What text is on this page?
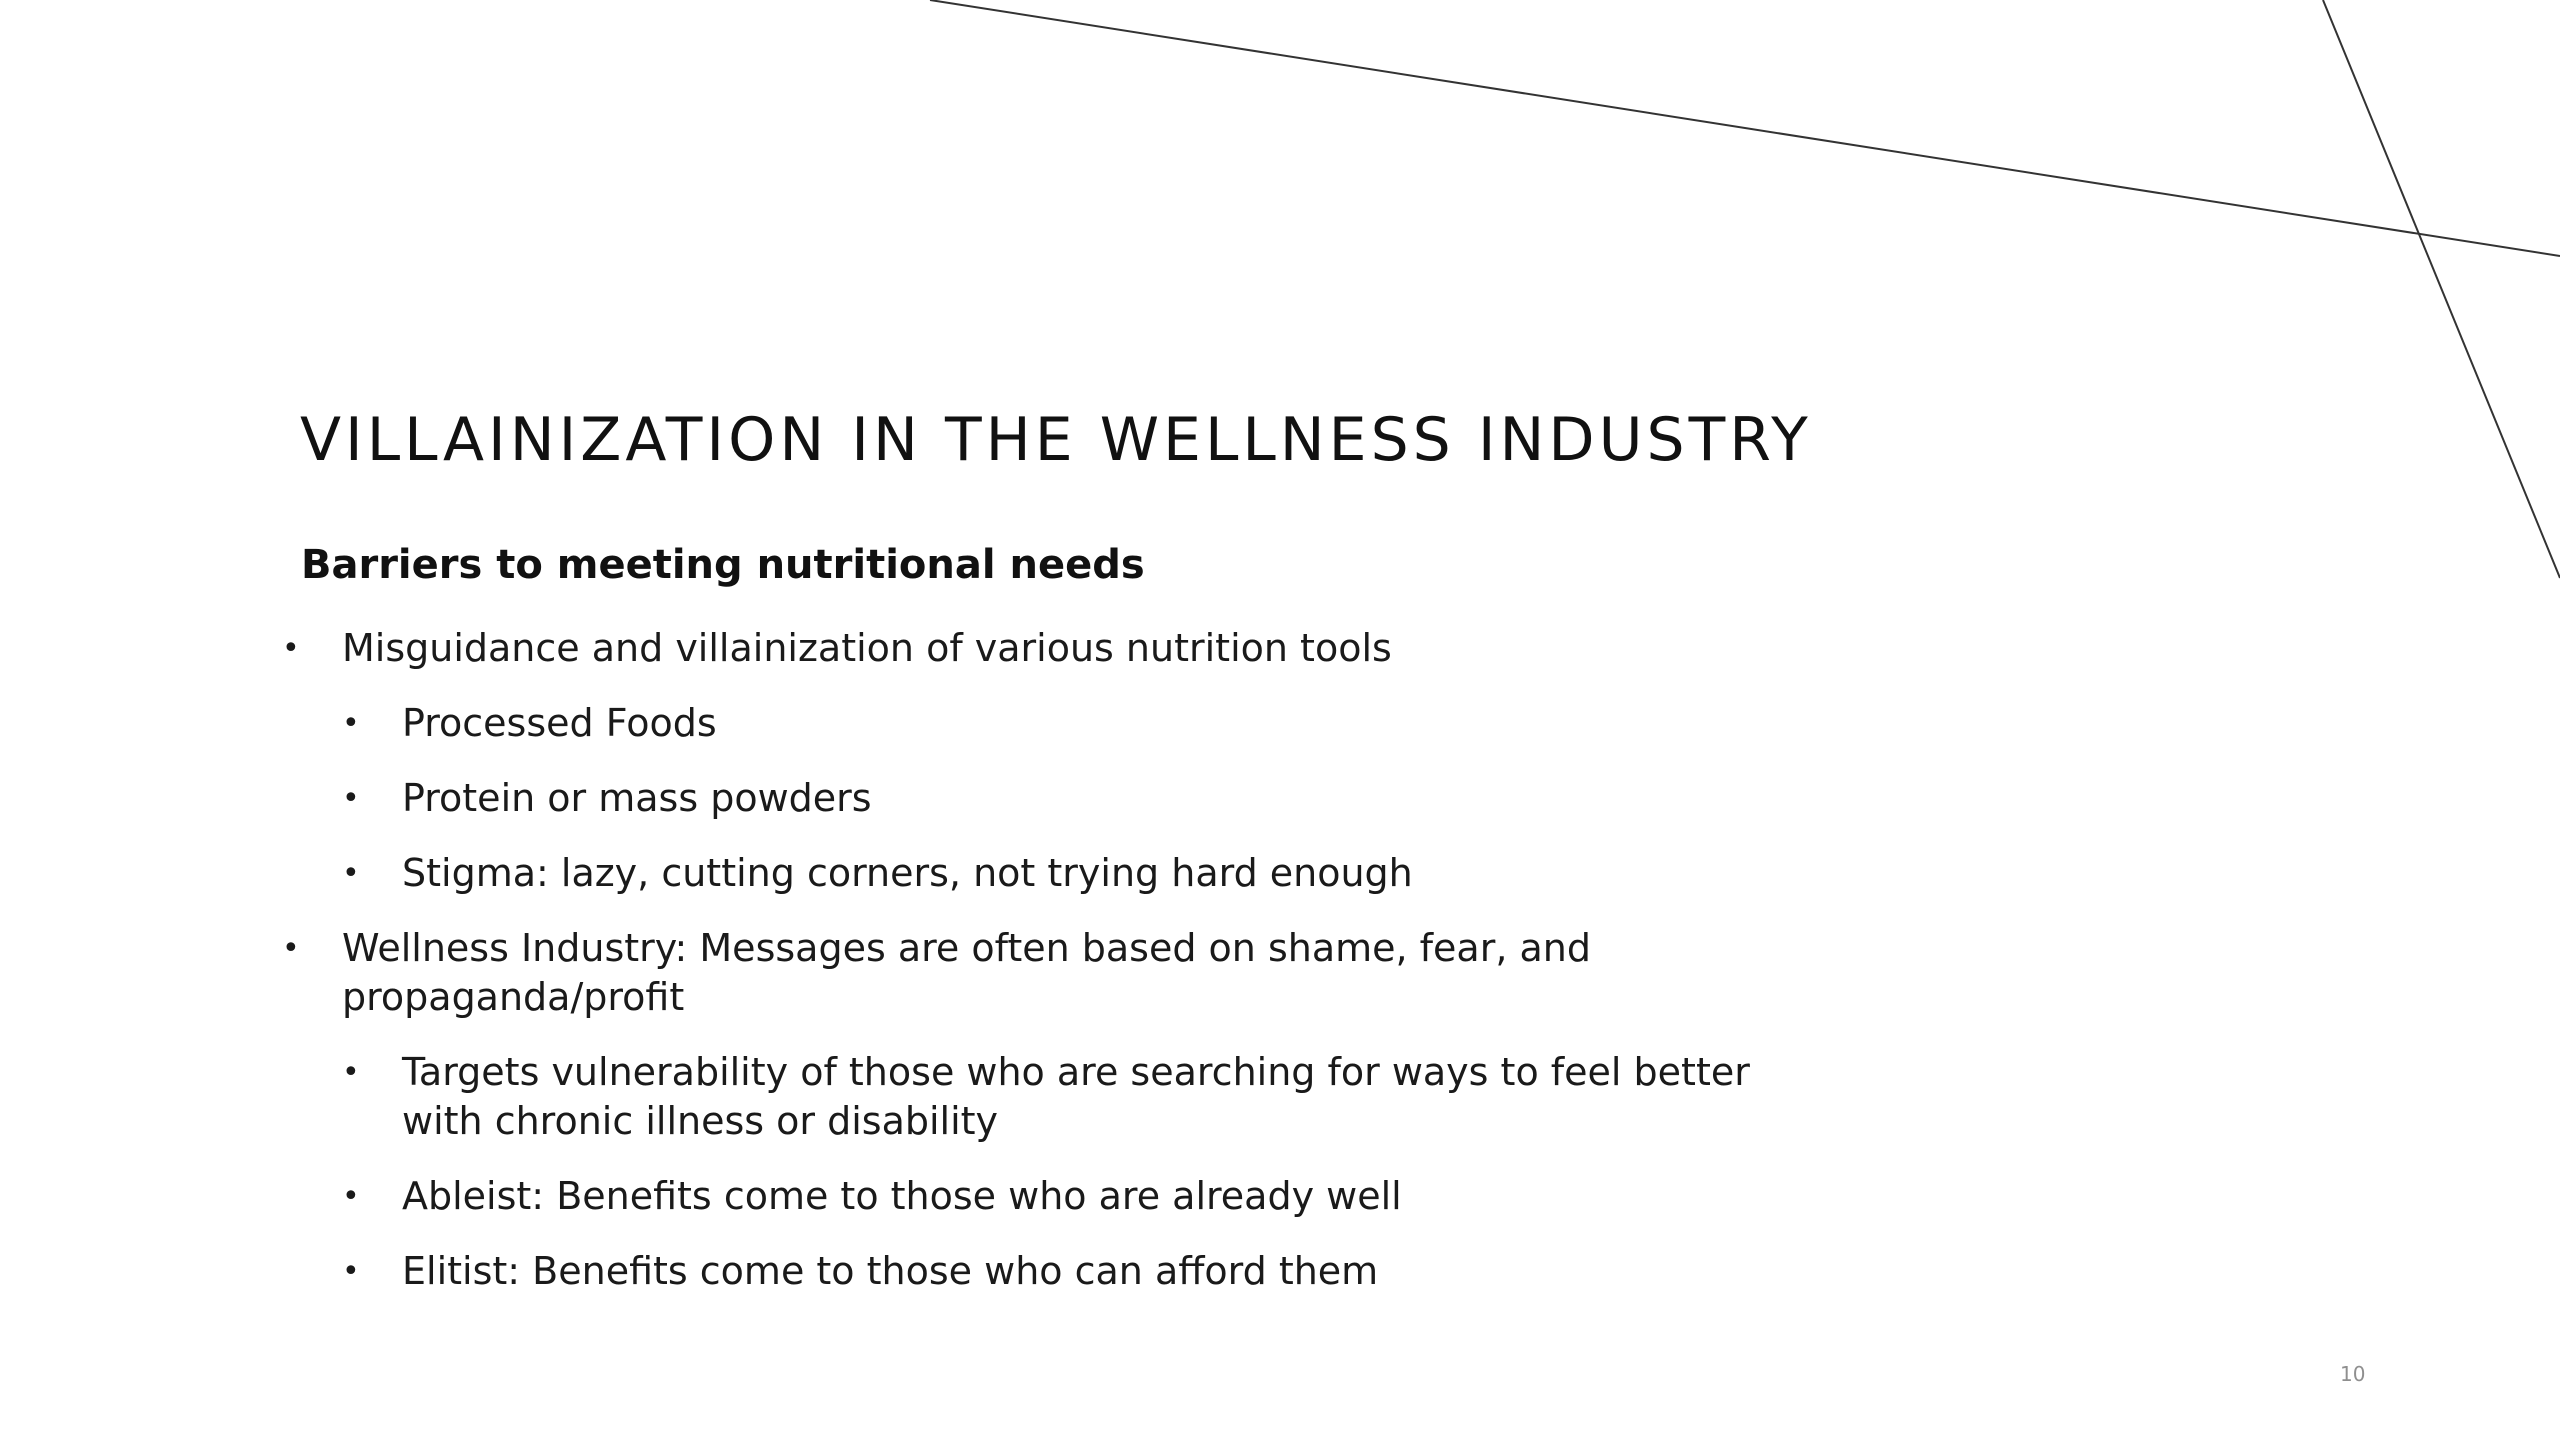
VILLAINIZATION IN THE WELLNESS INDUSTRY
Barriers to meeting nutritional needs
• Misguidance and villainization of various nutrition tools
• Processed Foods
• Protein or mass powders
• Stigma: lazy, cutting corners, not trying hard enough
• Wellness Industry: Messages are often based on shame, fear, and propaganda/profit
• Targets vulnerability of those who are searching for ways to feel better with chronic illness or disability
• Ableist: Benefits come to those who are already well
• Elitist: Benefits come to those who can afford them
10
